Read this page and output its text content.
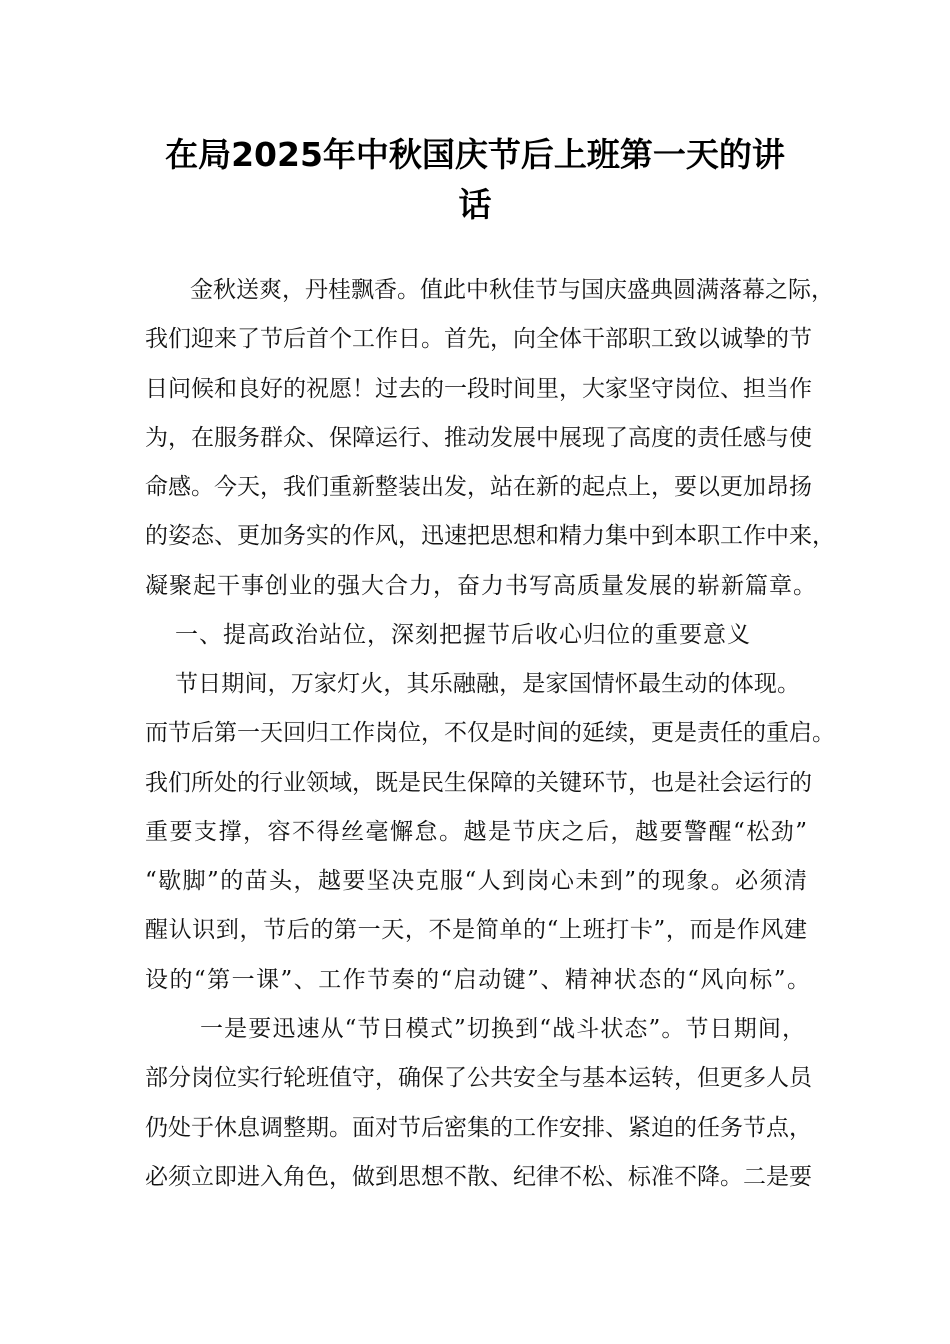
在局2025年中秋国庆节后上班第一天的讲
话
金秋送爽，丹桂飘香。值此中秋佳节与国庆盛典圆满落幕之际，
我们迎来了节后首个工作日。首先，向全体干部职工致以诚挚的节
日问候和良好的祝愿！过去的一段时间里，大家坚守岗位、担当作
为，在服务群众、保障运行、推动发展中展现了高度的责任感与使
命感。今天，我们重新整装出发，站在新的起点上，要以更加昂扬
的姿态、更加务实的作风，迅速把思想和精力集中到本职工作中来，
凝聚起干事创业的强大合力，奋力书写高质量发展的崭新篇章。
一、提高政治站位，深刻把握节后收心归位的重要意义
节日期间，万家灯火，其乐融融，是家国情怀最生动的体现。
而节后第一天回归工作岗位，不仅是时间的延续，更是责任的重启。
我们所处的行业领域，既是民生保障的关键环节，也是社会运行的
重要支撑，容不得丝毫懈怠。越是节庆之后，越要警醒“松劲”
“歇脚”的苗头，越要坚决克服“人到岗心未到”的现象。必须清
醒认识到，节后的第一天，不是简单的“上班打卡”，而是作风建
设的“第一课”、工作节奏的“启动键”、精神状态的“风向标”。
一是要迅速从“节日模式”切换到“战斗状态”。节日期间，
部分岗位实行轮班值守，确保了公共安全与基本运转，但更多人员
仍处于休息调整期。面对节后密集的工作安排、紧迫的任务节点，
必须立即进入角色，做到思想不散、纪律不松、标准不降。二是要
